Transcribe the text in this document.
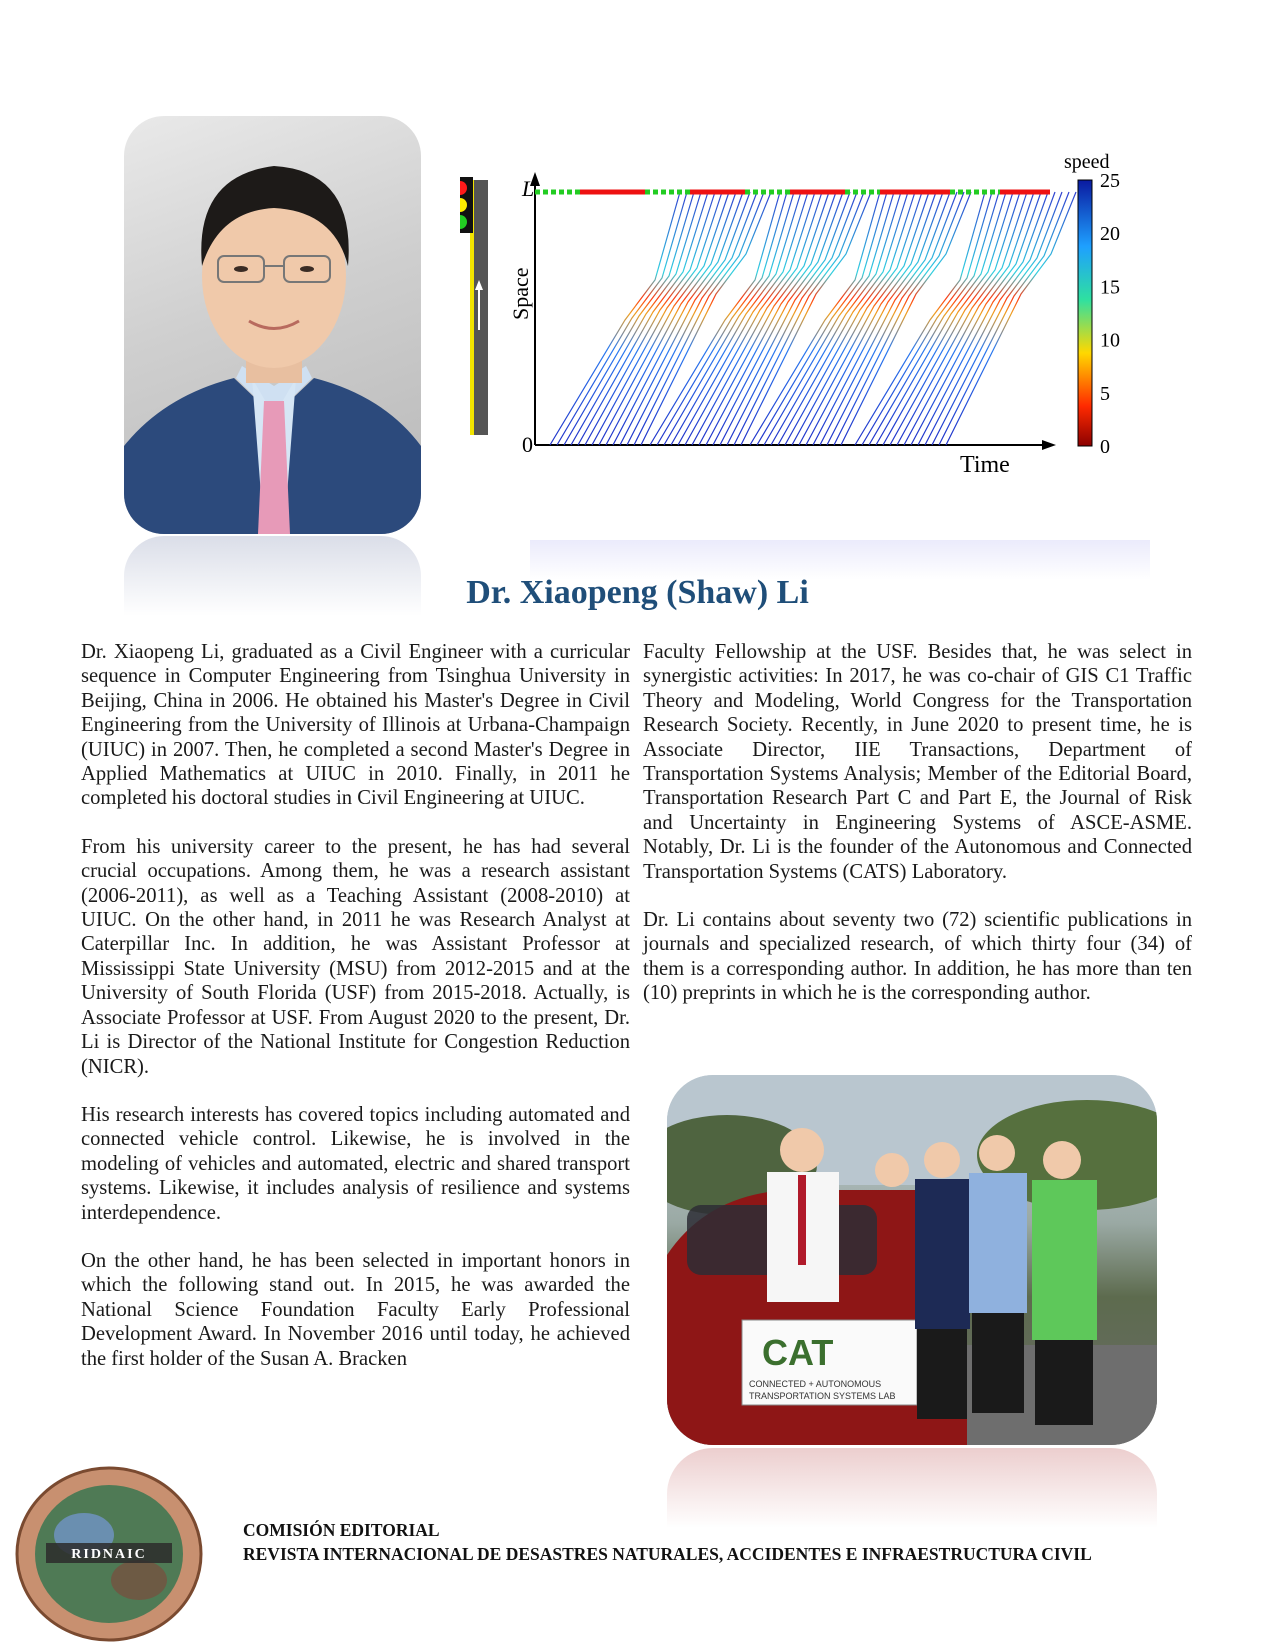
L
0
Space
Time
speed
25
20
15
10
5
0
Dr. Xiaopeng (Shaw) Li

Dr. Xiaopeng Li, graduated as a Civil Engineer with a curricular sequence in Computer Engineering from Tsinghua University in Beijing, China in 2006. He obtained his Master's Degree in Civil Engineering from the University of Illinois at Urbana-Champaign (UIUC) in 2007. Then, he completed a second Master's Degree in Applied Mathematics at UIUC in 2010. Finally, in 2011 he completed his doctoral studies in Civil Engineering at UIUC.

From his university career to the present, he has had several crucial occupations. Among them, he was a research assistant (2006-2011), as well as a Teaching Assistant (2008-2010) at UIUC. On the other hand, in 2011 he was Research Analyst at Caterpillar Inc. In addition, he was Assistant Professor at Mississippi State University (MSU) from 2012-2015 and at the University of South Florida (USF) from 2015-2018. Actually, is Associate Professor at USF. From August 2020 to the present, Dr. Li is Director of the National Institute for Congestion Reduction (NICR).

His research interests has covered topics including automated and connected vehicle control. Likewise, he is involved in the modeling of vehicles and automated, electric and shared transport systems. Likewise, it includes analysis of resilience and systems interdependence.

On the other hand, he has been selected in important honors in which the following stand out. In 2015, he was awarded the National Science Foundation Faculty Early Professional Development Award. In November 2016 until today, he achieved the first holder of the Susan A. Bracken

Faculty Fellowship at the USF. Besides that, he was select in synergistic activities: In 2017, he was co-chair of GIS C1 Traffic Theory and Modeling, World Congress for the Transportation Research Society. Recently, in June 2020 to present time, he is Associate Director, IIE Transactions, Department of Transportation Systems Analysis; Member of the Editorial Board, Transportation Research Part C and Part E, the Journal of Risk and Uncertainty in Engineering Systems of ASCE-ASME. Notably, Dr. Li is the founder of the Autonomous and Connected Transportation Systems (CATS) Laboratory.

Dr. Li contains about seventy two (72) scientific publications in journals and specialized research, of which thirty four (34) of them is a corresponding author. In addition, he has more than ten (10) preprints in which he is the corresponding author.

CAT
CONNECTED + AUTONOMOUS
TRANSPORTATION SYSTEMS LAB
RIDNAIC
COMISIÓN EDITORIAL
REVISTA INTERNACIONAL DE DESASTRES NATURALES, ACCIDENTES E INFRAESTRUCTURA CIVIL
